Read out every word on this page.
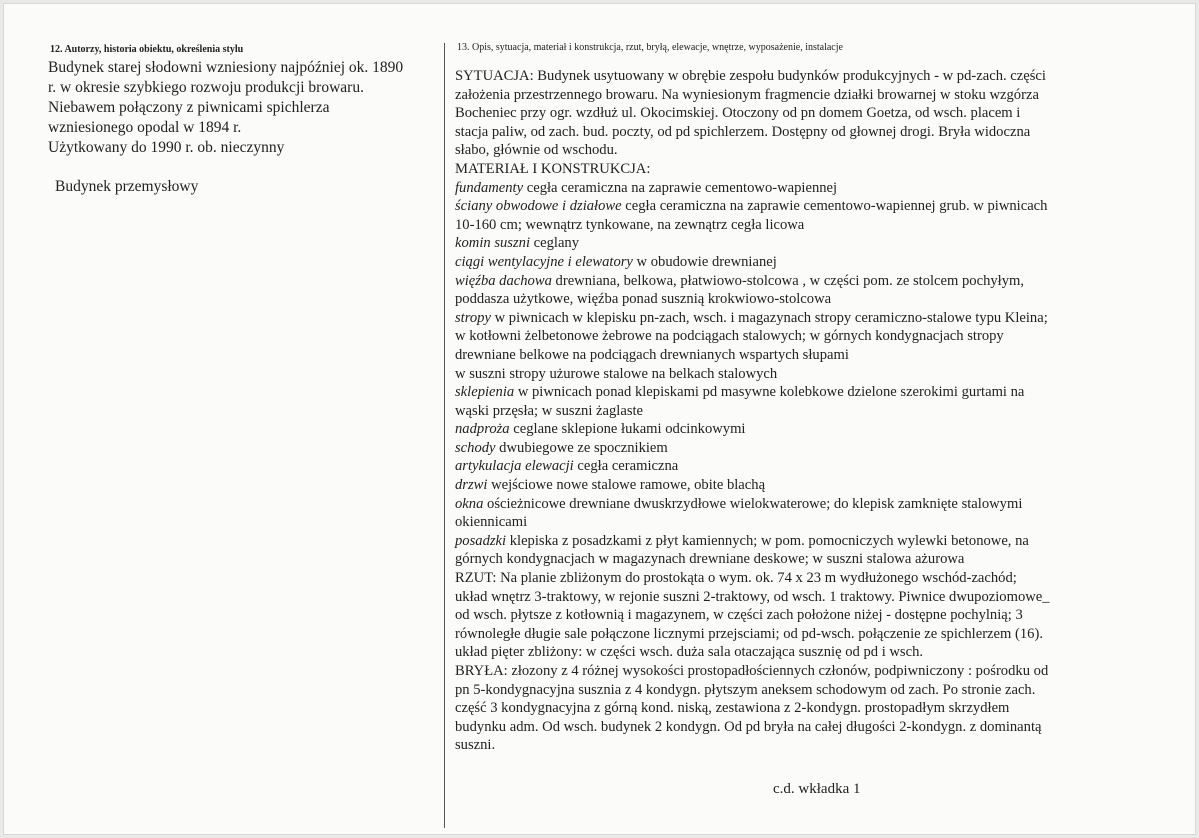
12. Autorzy, historia obiektu, określenia stylu
Budynek starej słodowni wzniesiony najpóźniej ok. 1890
r. w okresie szybkiego rozwoju produkcji browaru.
Niebawem połączony z piwnicami spichlerza
wzniesionego opodal w 1894 r.
Użytkowany do 1990 r. ob. nieczynny
Budynek przemysłowy
13. Opis, sytuacja, materiał i konstrukcja, rzut, bryłą, elewacje, wnętrze, wyposażenie, instalacje
SYTUACJA: Budynek usytuowany w obrębie zespołu budynków produkcyjnych - w pd-zach. części
założenia przestrzennego browaru. Na wyniesionym fragmencie działki browarnej w stoku wzgórza
Bocheniec przy ogr. wzdłuż ul. Okocimskiej. Otoczony od pn domem Goetza, od wsch. placem i
stacja paliw, od zach. bud. poczty, od pd spichlerzem. Dostępny od głownej drogi. Bryła widoczna
słabo, głównie od wschodu.
MATERIAŁ I KONSTRUKCJA:
fundamenty cegła ceramiczna na zaprawie cementowo-wapiennej
ściany obwodowe i działowe cegła ceramiczna na zaprawie cementowo-wapiennej grub. w piwnicach
10-160 cm; wewnątrz tynkowane, na zewnątrz cegła licowa
komin suszni ceglany
ciągi wentylacyjne i elewatory w obudowie drewnianej
więźba dachowa drewniana, belkowa, płatwiowo-stolcowa , w części pom. ze stolcem pochyłym,
poddasza użytkowe, więźba ponad susznią krokwiowo-stolcowa
stropy w piwnicach w klepisku pn-zach, wsch. i magazynach stropy ceramiczno-stalowe typu Kleina;
w kotłowni żelbetonowe żebrowe na podciągach stalowych; w górnych kondygnacjach stropy
drewniane belkowe na podciągach drewnianych wspartych słupami
w suszni stropy użurowe stalowe na belkach stalowych
sklepienia w piwnicach ponad klepiskami pd masywne kolebkowe dzielone szerokimi gurtami na
wąski przęsła; w suszni żaglaste
nadproża ceglane sklepione łukami odcinkowymi
schody dwubiegowe ze spocznikiem
artykulacja elewacji cegła ceramiczna
drzwi wejściowe nowe stalowe ramowe, obite blachą
okna ościeżnicowe drewniane dwuskrzydłowe wielokwaterowe; do klepisk zamknięte stalowymi
okiennicami
posadzki klepiska z posadzkami z płyt kamiennych; w pom. pomocniczych wylewki betonowe, na
górnych kondygnacjach w magazynach drewniane deskowe; w suszni stalowa ażurowa
RZUT: Na planie zbliżonym do prostokąta o wym. ok. 74 x 23 m wydłużonego wschód-zachód;
układ wnętrz 3-traktowy, w rejonie suszni 2-traktowy, od wsch. 1 traktowy. Piwnice dwupoziomowe_
od wsch. płytsze z kotłownią i magazynem, w części zach położone niżej - dostępne pochylnią; 3
równoległe długie sale połączone licznymi przejsciami; od pd-wsch. połączenie ze spichlerzem (16).
układ pięter zbliżony: w części wsch. duża sala otaczająca susznię od pd i wsch.
BRYŁA: złozony z 4 różnej wysokości prostopadłościennych członów, podpiwniczony : pośrodku od
pn 5-kondygnacyjna susznia z 4 kondygn. płytszym aneksem schodowym od zach. Po stronie zach.
część 3 kondygnacyjna z górną kond. niską, zestawiona z 2-kondygn. prostopadłym skrzydłem
budynku adm. Od wsch. budynek 2 kondygn. Od pd bryła na całej długości 2-kondygn. z dominantą
suszni.
c.d. wkładka 1
